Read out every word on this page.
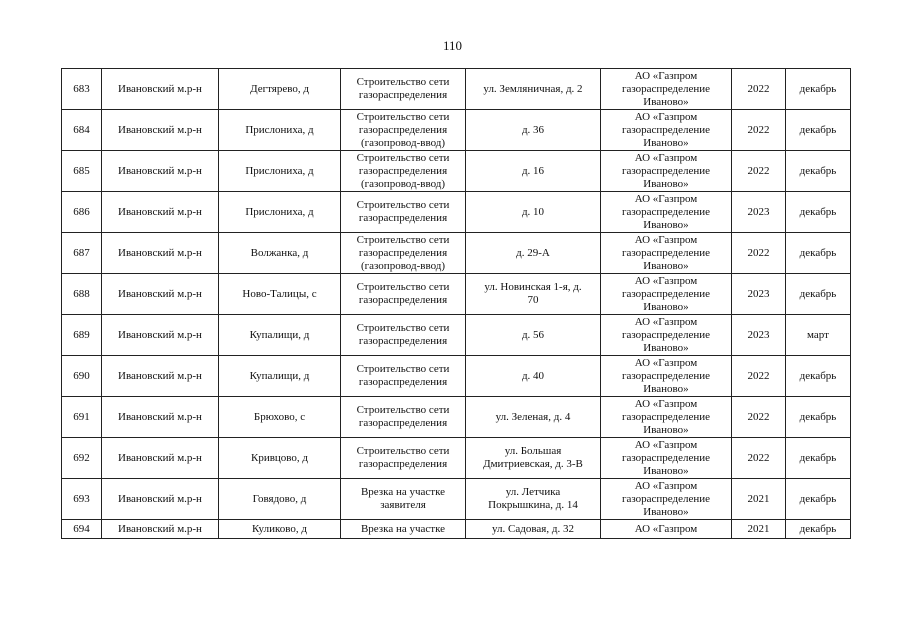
110
683	Ивановский м.р-н	Дегтярево, д	Строительство сети
газораспределения	ул. Земляничная, д. 2	АО «Газпром
газораспределение
Иваново»	2022	декабрь
684	Ивановский м.р-н	Прислониха, д	Строительство сети
газораспределения
(газопровод-ввод)	д. 36	АО «Газпром
газораспределение
Иваново»	2022	декабрь
685	Ивановский м.р-н	Прислониха, д	Строительство сети
газораспределения
(газопровод-ввод)	д. 16	АО «Газпром
газораспределение
Иваново»	2022	декабрь
686	Ивановский м.р-н	Прислониха, д	Строительство сети
газораспределения	д. 10	АО «Газпром
газораспределение
Иваново»	2023	декабрь
687	Ивановский м.р-н	Волжанка, д	Строительство сети
газораспределения
(газопровод-ввод)	д. 29-А	АО «Газпром
газораспределение
Иваново»	2022	декабрь
688	Ивановский м.р-н	Ново-Талицы, с	Строительство сети
газораспределения	ул. Новинская 1-я, д.
70	АО «Газпром
газораспределение
Иваново»	2023	декабрь
689	Ивановский м.р-н	Купалищи, д	Строительство сети
газораспределения	д. 56	АО «Газпром
газораспределение
Иваново»	2023	март
690	Ивановский м.р-н	Купалищи, д	Строительство сети
газораспределения	д. 40	АО «Газпром
газораспределение
Иваново»	2022	декабрь
691	Ивановский м.р-н	Брюхово, с	Строительство сети
газораспределения	ул. Зеленая, д. 4	АО «Газпром
газораспределение
Иваново»	2022	декабрь
692	Ивановский м.р-н	Кривцово, д	Строительство сети
газораспределения	ул. Большая
Дмитриевская, д. 3-В	АО «Газпром
газораспределение
Иваново»	2022	декабрь
693	Ивановский м.р-н	Говядово, д	Врезка на участке
заявителя	ул. Летчика
Покрышкина, д. 14	АО «Газпром
газораспределение
Иваново»	2021	декабрь
694	Ивановский м.р-н	Куликово, д	Врезка на участке	ул. Садовая, д. 32	АО «Газпром	2021	декабрь
